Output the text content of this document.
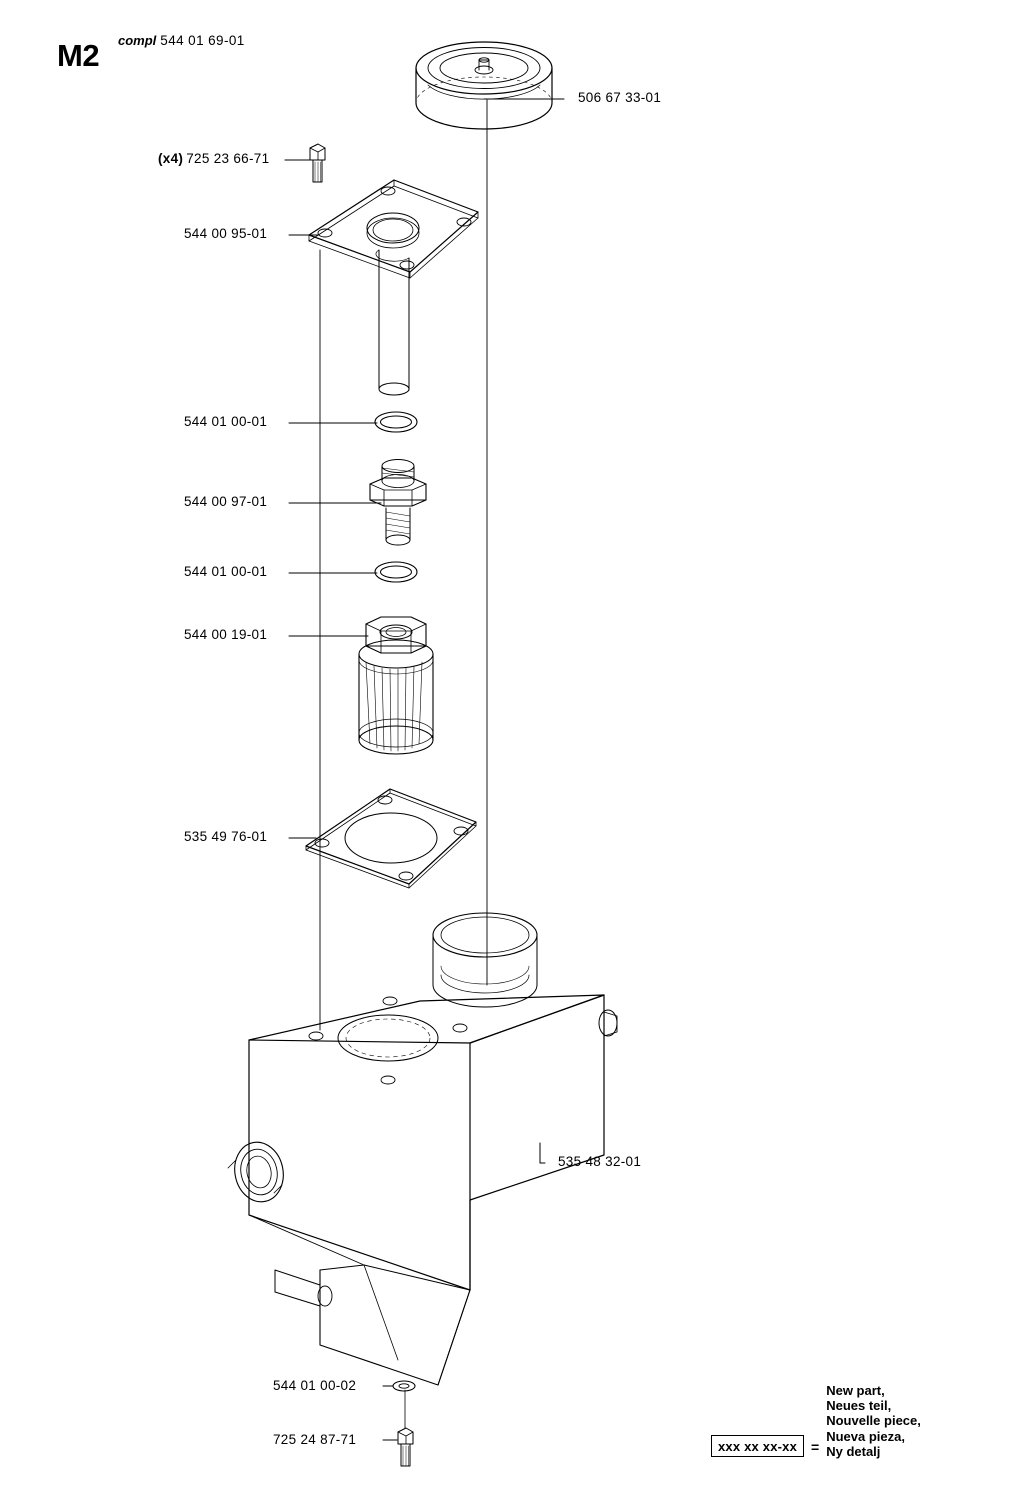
M2 compl 544 01 69-01
506 67 33-01
(x4) 725 23 66-71
544 00 95-01
544 01 00-01
544 00 97-01
544 01 00-01
544 00 19-01
535 49 76-01
535 48 32-01
544 01 00-02
725 24 87-71	xxx xx xx-xx	=
New part,
Neues teil,
Nouvelle piece,
Nueva pieza,
Ny detalj
